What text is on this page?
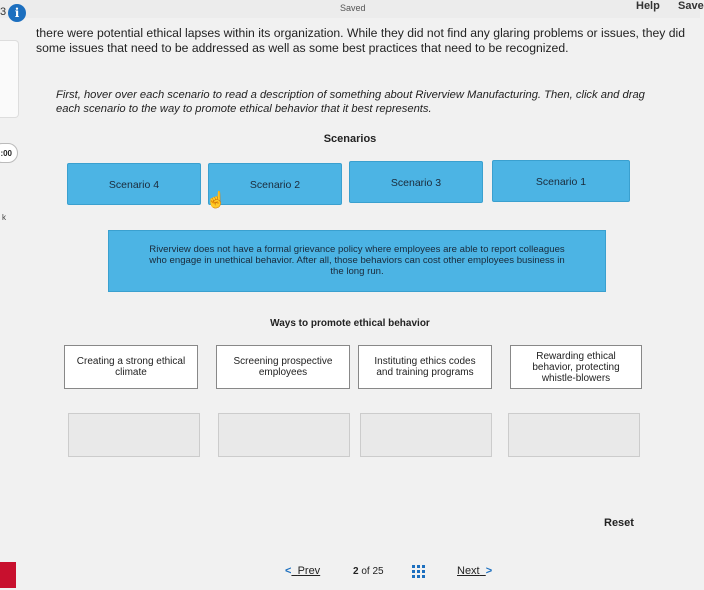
3 i	Saved	Help Save
:00
k
there were potential ethical lapses within its organization. While they did not find any glaring problems or issues, they did some issues that need to be addressed as well as some best practices that need to be recognized.
First, hover over each scenario to read a description of something about Riverview Manufacturing. Then, click and drag each scenario to the way to promote ethical behavior that it best represents.
Scenarios
Scenario 4	Scenario 2	Scenario 3	Scenario 1
☝
Riverview does not have a formal grievance policy where employees are able to report colleagues who engage in unethical behavior. After all, those behaviors can cost other employees business in the long run.
Ways to promote ethical behavior
Creating a strong ethical climate
Screening prospective employees
Instituting ethics codes and training programs
Rewarding ethical behavior, protecting whistle-blowers
Reset
< Prev	2 of 25	Next >
